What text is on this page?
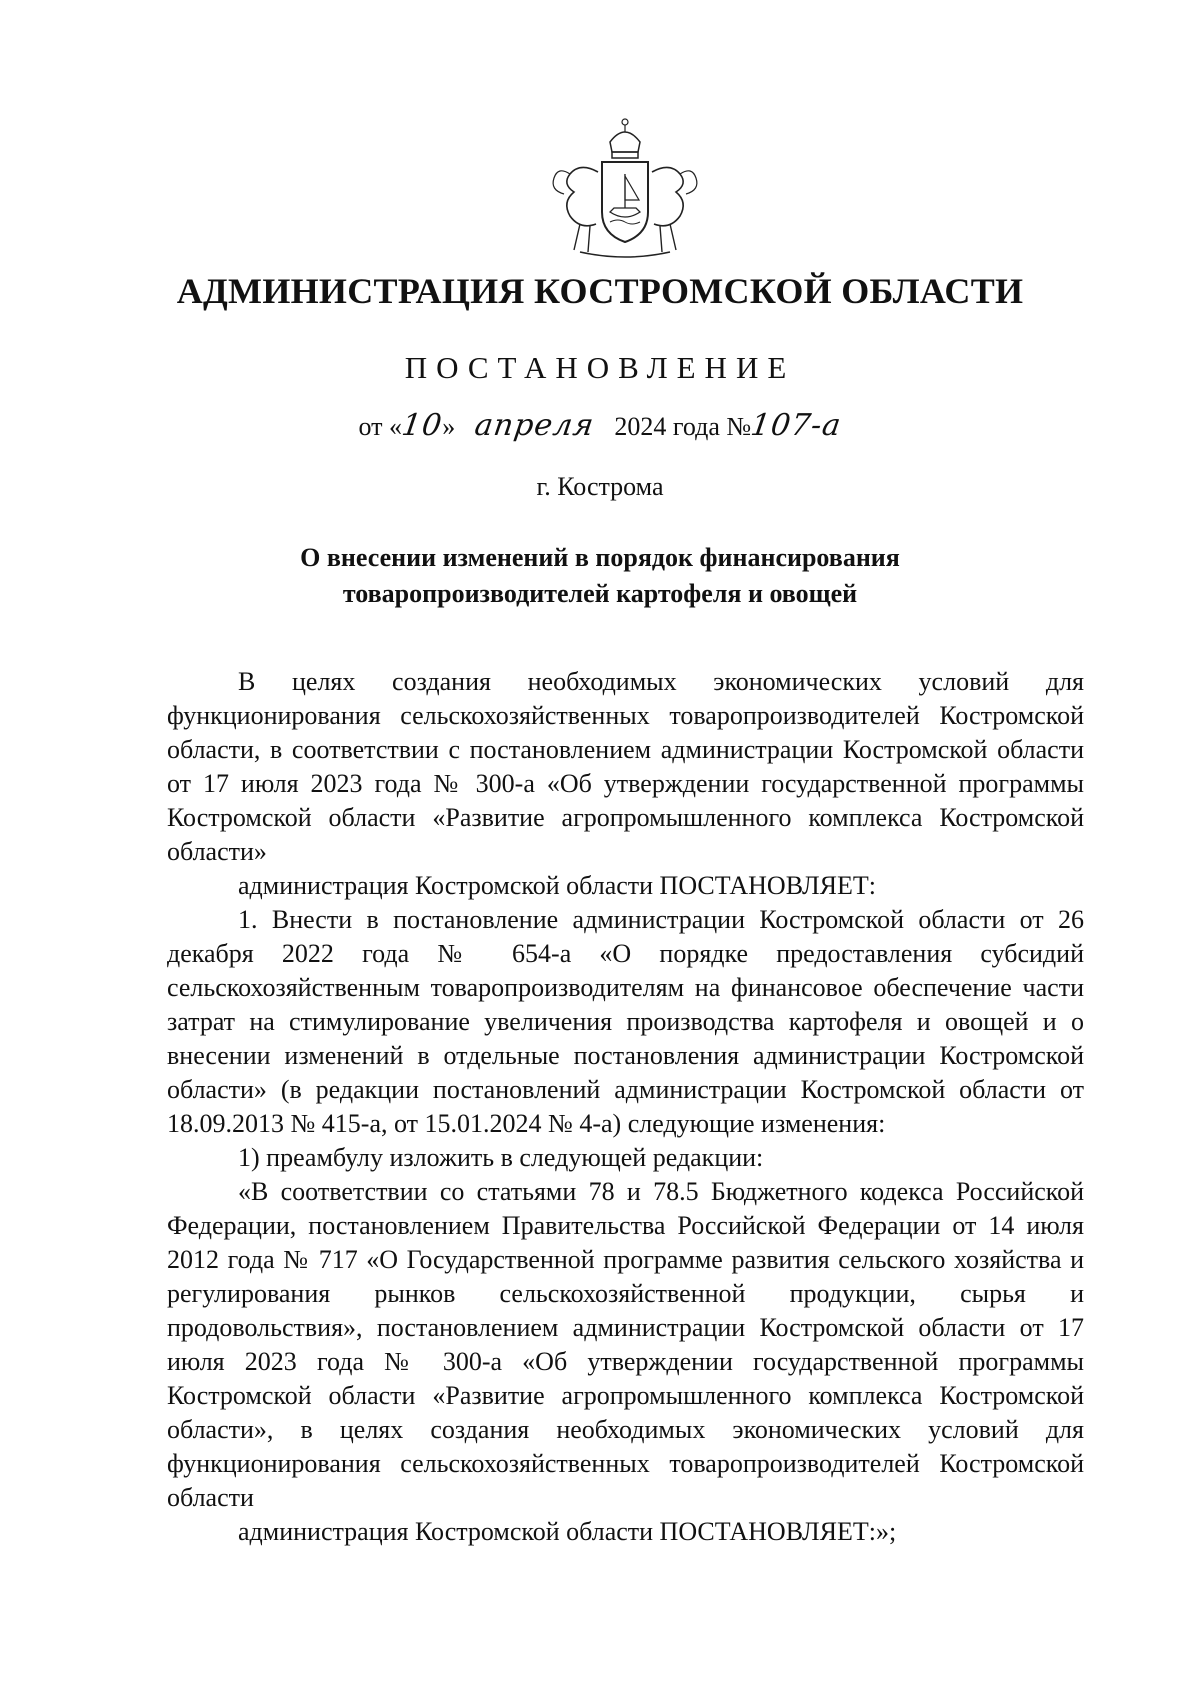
АДМИНИСТРАЦИЯ КОСТРОМСКОЙ ОБЛАСТИ
ПОСТАНОВЛЕНИЕ
от «10» апреля 2024 года №107-а
г. Кострома
О внесении изменений в порядок финансирования
товаропроизводителей картофеля и овощей

В целях создания необходимых экономических условий для функционирования сельскохозяйственных товаропроизводителей Костромской области, в соответствии с постановлением администрации Костромской области от 17 июля 2023 года № 300-а «Об утверждении государственной программы Костромской области «Развитие агропромышленного комплекса Костромской области»

администрация Костромской области ПОСТАНОВЛЯЕТ:

1. Внести в постановление администрации Костромской области от 26 декабря 2022 года № 654-а «О порядке предоставления субсидий сельскохозяйственным товаропроизводителям на финансовое обеспечение части затрат на стимулирование увеличения производства картофеля и овощей и о внесении изменений в отдельные постановления администрации Костромской области» (в редакции постановлений администрации Костромской области от 18.09.2013 № 415-а, от 15.01.2024 № 4-а) следующие изменения:

1) преамбулу изложить в следующей редакции:

«В соответствии со статьями 78 и 78.5 Бюджетного кодекса Российской Федерации, постановлением Правительства Российской Федерации от 14 июля 2012 года № 717 «О Государственной программе развития сельского хозяйства и регулирования рынков сельскохозяйственной продукции, сырья и продовольствия», постановлением администрации Костромской области от 17 июля 2023 года № 300-а «Об утверждении государственной программы Костромской области «Развитие агропромышленного комплекса Костромской области», в целях создания необходимых экономических условий для функционирования сельскохозяйственных товаропроизводителей Костромской области

администрация Костромской области ПОСТАНОВЛЯЕТ:»;
